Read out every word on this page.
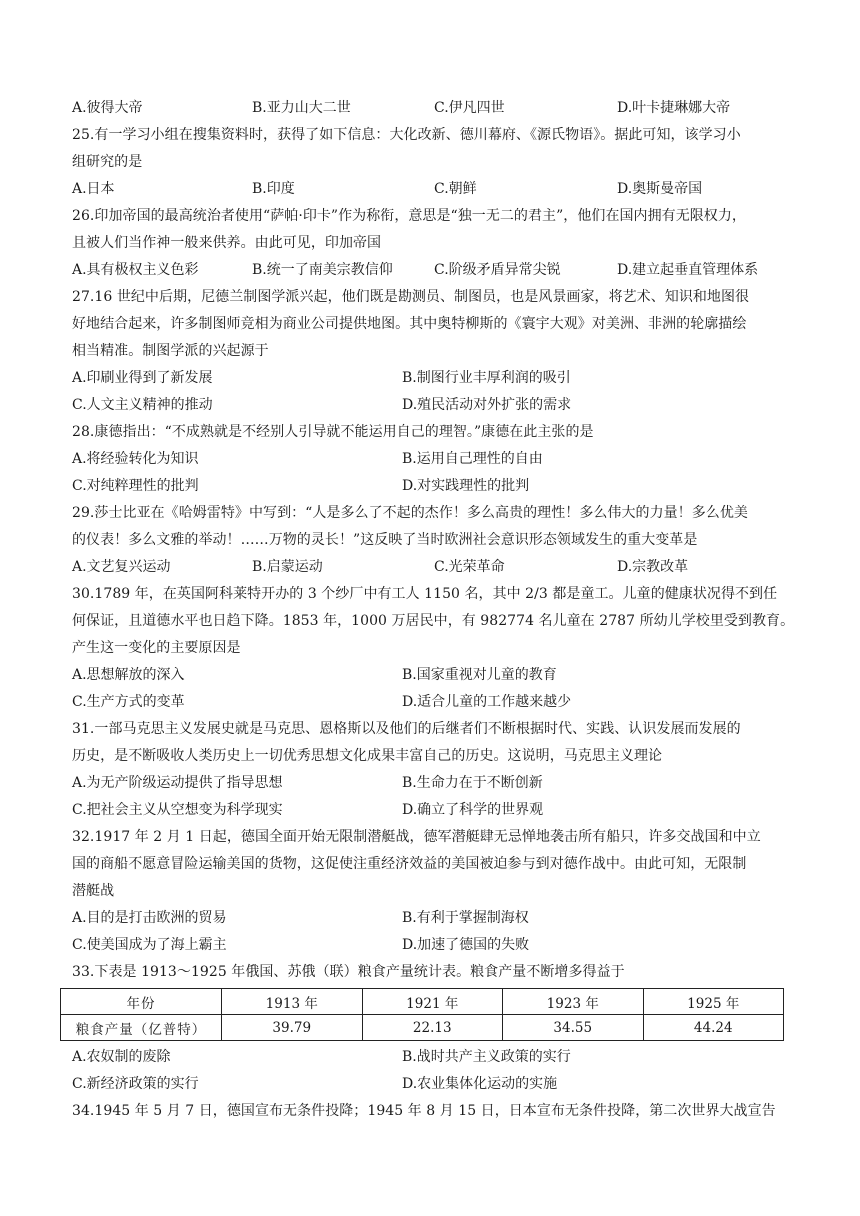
A.彼得大帝	B.亚力山大二世	C.伊凡四世	D.叶卡捷琳娜大帝
25.有一学习小组在搜集资料时，获得了如下信息：大化改新、德川幕府、《源氏物语》。据此可知，该学习小
组研究的是
A.日本	B.印度	C.朝鲜	D.奥斯曼帝国
26.印加帝国的最高统治者使用“萨帕·印卡”作为称衔，意思是“独一无二的君主”，他们在国内拥有无限权力，
且被人们当作神一般来供养。由此可见，印加帝国
A.具有极权主义色彩	B.统一了南美宗教信仰	C.阶级矛盾异常尖锐	D.建立起垂直管理体系
27.16 世纪中后期，尼德兰制图学派兴起，他们既是勘测员、制图员，也是风景画家，将艺术、知识和地图很
好地结合起来，许多制图师竞相为商业公司提供地图。其中奥特柳斯的《寰宇大观》对美洲、非洲的轮廓描绘
相当精准。制图学派的兴起源于
A.印刷业得到了新发展	B.制图行业丰厚利润的吸引
C.人文主义精神的推动	D.殖民活动对外扩张的需求
28.康德指出：“不成熟就是不经别人引导就不能运用自己的理智。”康德在此主张的是
A.将经验转化为知识	B.运用自己理性的自由
C.对纯粹理性的批判	D.对实践理性的批判
29.莎士比亚在《哈姆雷特》中写到：“人是多么了不起的杰作！多么高贵的理性！多么伟大的力量！多么优美
的仪表！多么文雅的举动！……万物的灵长！”这反映了当时欧洲社会意识形态领域发生的重大变革是
A.文艺复兴运动	B.启蒙运动	C.光荣革命	D.宗教改革
30.1789 年，在英国阿科莱特开办的 3 个纱厂中有工人 1150 名，其中 2/3 都是童工。儿童的健康状况得不到任
何保证，且道德水平也日趋下降。1853 年，1000 万居民中，有 982774 名儿童在 2787 所幼儿学校里受到教育。
产生这一变化的主要原因是
A.思想解放的深入	B.国家重视对儿童的教育
C.生产方式的变革	D.适合儿童的工作越来越少
31.一部马克思主义发展史就是马克思、恩格斯以及他们的后继者们不断根据时代、实践、认识发展而发展的
历史，是不断吸收人类历史上一切优秀思想文化成果丰富自己的历史。这说明，马克思主义理论
A.为无产阶级运动提供了指导思想	B.生命力在于不断创新
C.把社会主义从空想变为科学现实	D.确立了科学的世界观
32.1917 年 2 月 1 日起，德国全面开始无限制潜艇战，德军潜艇肆无忌惮地袭击所有船只，许多交战国和中立
国的商船不愿意冒险运输美国的货物，这促使注重经济效益的美国被迫参与到对德作战中。由此可知，无限制
潜艇战
A.目的是打击欧洲的贸易	B.有利于掌握制海权
C.使美国成为了海上霸主	D.加速了德国的失败
33.下表是 1913～1925 年俄国、苏俄（联）粮食产量统计表。粮食产量不断增多得益于
年份	1913 年	1921 年	1923 年	1925 年
粮食产量（亿普特）	39.79	22.13	34.55	44.24
A.农奴制的废除	B.战时共产主义政策的实行
C.新经济政策的实行	D.农业集体化运动的实施
34.1945 年 5 月 7 日，德国宣布无条件投降；1945 年 8 月 15 日，日本宣布无条件投降，第二次世界大战宣告
